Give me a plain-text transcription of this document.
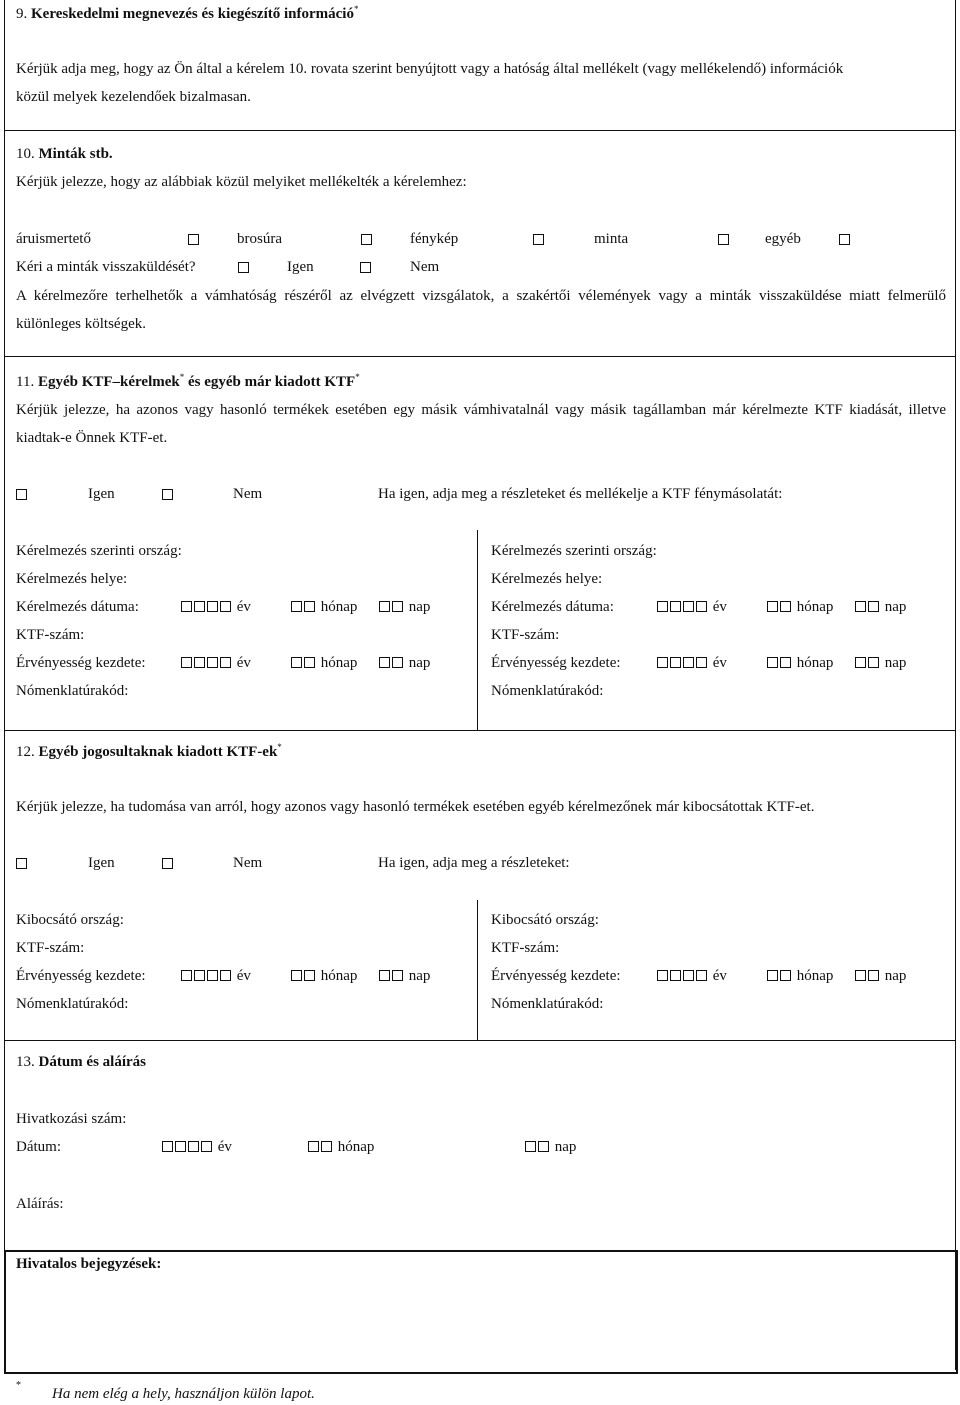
9. Kereskedelmi megnevezés és kiegészítő információ*
Kérjük adja meg, hogy az Ön által a kérelem 10. rovata szerint benyújtott vagy a hatóság által mellékelt (vagy mellékelendő) információk
közül melyek kezelendőek bizalmasan.
10. Minták stb.
Kérjük jelezze, hogy az alábbiak közül melyiket mellékelték a kérelemhez:
áruismertető	brosúra	fénykép	minta	egyéb
Kéri a minták visszaküldését?	Igen	Nem
A kérelmezőre terhelhetők a vámhatóság részéről az elvégzett vizsgálatok, a szakértői vélemények vagy a minták visszaküldése miatt felmerülő különleges költségek.
11. Egyéb KTF–kérelmek* és egyéb már kiadott KTF*
Kérjük jelezze, ha azonos vagy hasonló termékek esetében egy másik vámhivatalnál vagy másik tagállamban már kérelmezte KTF kiadását, illetve kiadtak-e Önnek KTF-et.
Igen	Nem	Ha igen, adja meg a részleteket és mellékelje a KTF fénymásolatát:
Kérelmezés szerinti ország:
Kérelmezés helye:
Kérelmezés dátuma:	év	hónap	nap
KTF-szám:
Érvényesség kezdete:	év	hónap	nap
Nómenklatúrakód:
Kérelmezés szerinti ország:
Kérelmezés helye:
Kérelmezés dátuma:	év	hónap	nap
KTF-szám:
Érvényesség kezdete:	év	hónap	nap
Nómenklatúrakód:
12. Egyéb jogosultaknak kiadott KTF-ek*
Kérjük jelezze, ha tudomása van arról, hogy azonos vagy hasonló termékek esetében egyéb kérelmezőnek már kibocsátottak KTF-et.
Igen	Nem	Ha igen, adja meg a részleteket:
Kibocsátó ország:
KTF-szám:
Érvényesség kezdete:	év	hónap	nap
Nómenklatúrakód:
Kibocsátó ország:
KTF-szám:
Érvényesség kezdete:	év	hónap	nap
Nómenklatúrakód:
13. Dátum és aláírás
Hivatkozási szám:
Dátum:	év	hónap	nap
Aláírás:
Hivatalos bejegyzések:
*
Ha nem elég a hely, használjon külön lapot.
